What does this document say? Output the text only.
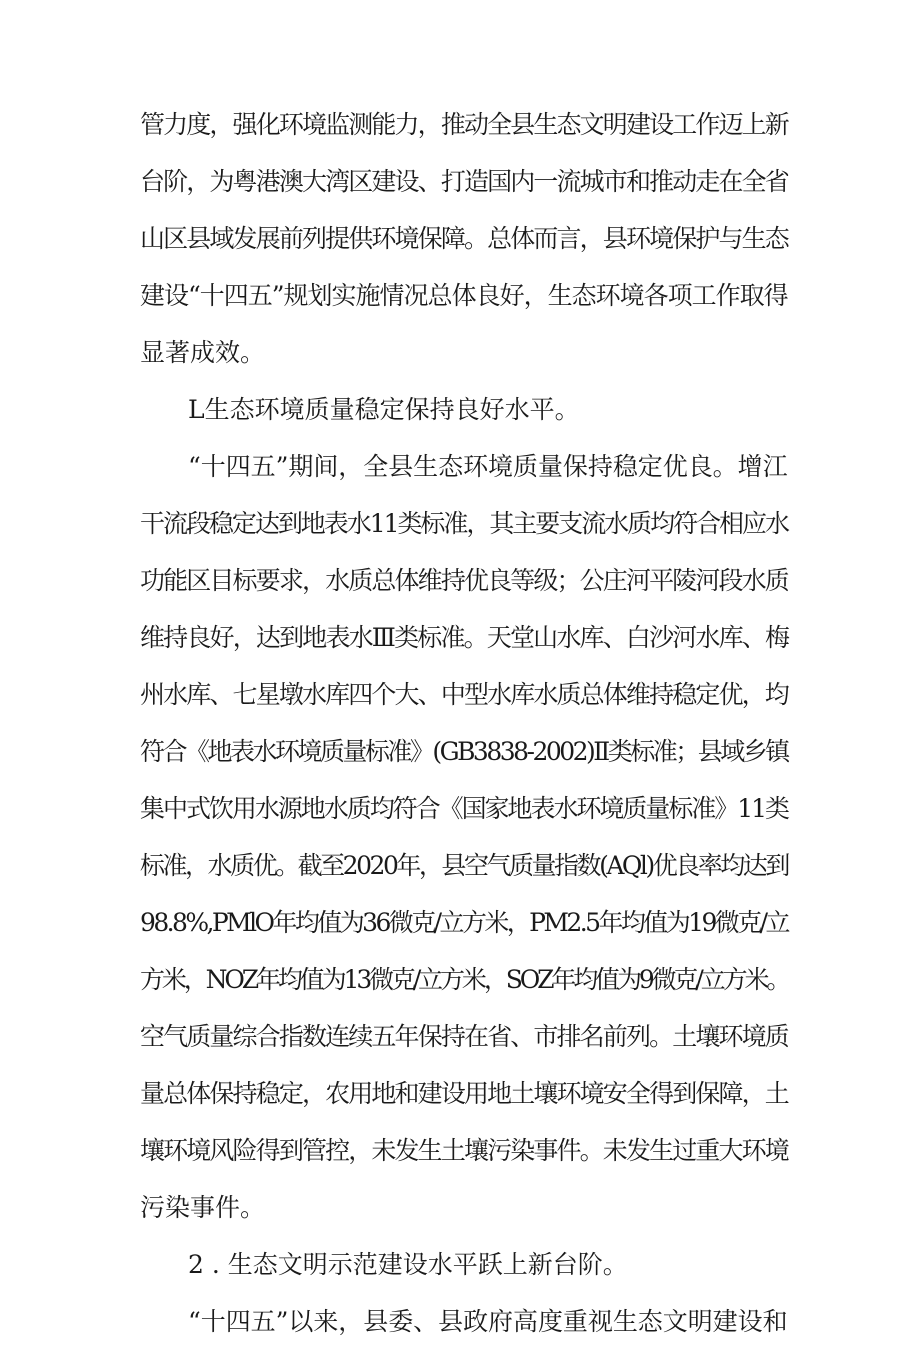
管力度，强化环境监测能力，推动全县生态文明建设工作迈上新
台阶，为粤港澳大湾区建设、打造国内一流城市和推动走在全省
山区县域发展前列提供环境保障。总体而言，县环境保护与生态
建设“十四五”规划实施情况总体良好，生态环境各项工作取得
显著成效。
L生态环境质量稳定保持良好水平。
“十四五”期间，全县生态环境质量保持稳定优良。增江
干流段稳定达到地表水11类标准，其主要支流水质均符合相应水
功能区目标要求，水质总体维持优良等级；公庄河平陵河段水质
维持良好，达到地表水Ⅲ类标准。天堂山水库、白沙河水库、梅
州水库、七星墩水库四个大、中型水库水质总体维持稳定优，均
符合《地表水环境质量标准》(GB3838-2002)Ⅱ类标准；县域乡镇
集中式饮用水源地水质均符合《国家地表水环境质量标准》11类
标准，水质优。截至2020年，县空气质量指数(AQl)优良率均达到
98.8%,PMlO年均值为36微克/立方米，PM2.5年均值为19微克/立
方米，NOZ年均值为13微克/立方米，SOZ年均值为9微克/立方米。
空气质量综合指数连续五年保持在省、市排名前列。土壤环境质
量总体保持稳定，农用地和建设用地土壤环境安全得到保障，土
壤环境风险得到管控，未发生土壤污染事件。未发生过重大环境
污染事件。
2 . 生态文明示范建设水平跃上新台阶。
“十四五”以来，县委、县政府高度重视生态文明建设和
